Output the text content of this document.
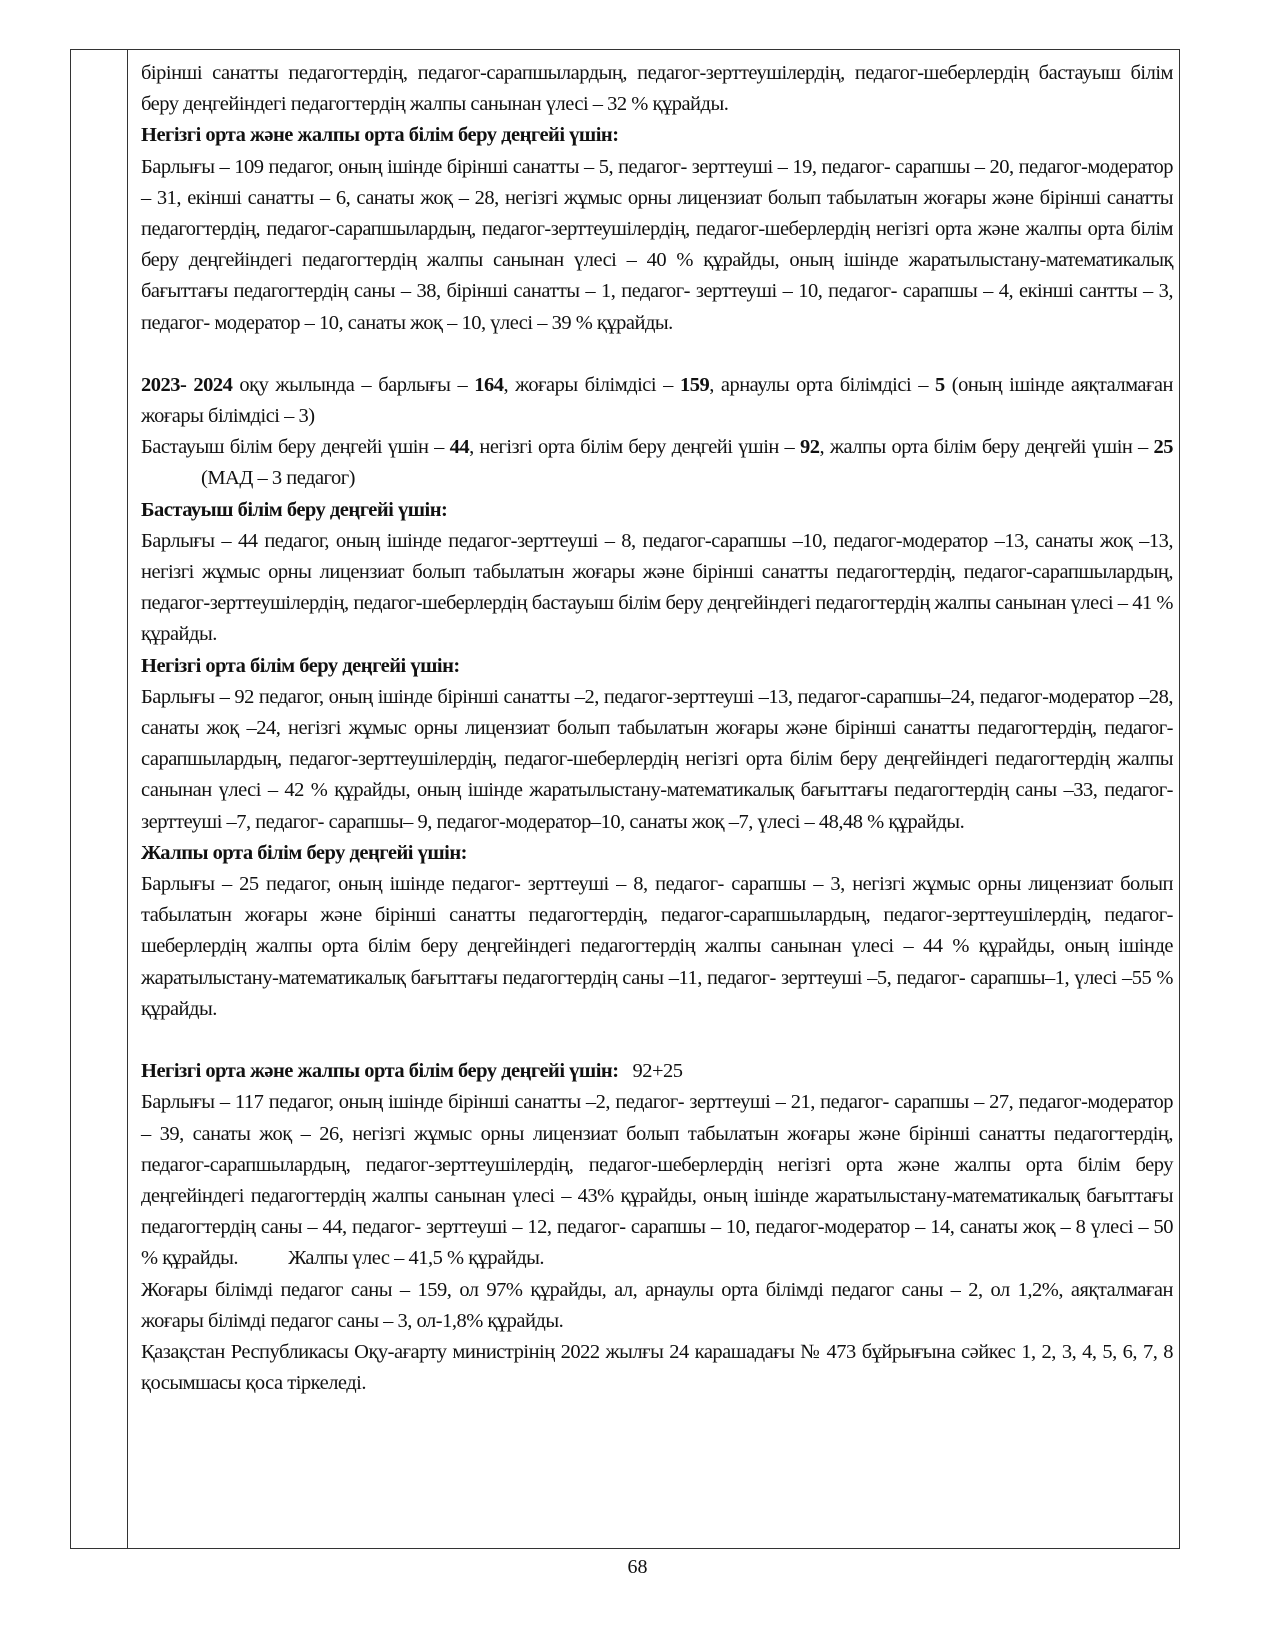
бірінші санатты педагогтердің, педагог-сарапшылардың, педагог-зерттеушілердің, педагог-шеберлердің бастауыш білім беру деңгейіндегі педагогтердің жалпы санынан үлесі – 32 % құрайды.

Негізгі орта және жалпы орта білім беру деңгейі үшін:

Барлығы – 109 педагог, оның ішінде бірінші санатты – 5, педагог- зерттеуші – 19, педагог- сарапшы – 20, педагог-модератор – 31, екінші санатты – 6, санаты жоқ – 28, негізгі жұмыс орны лицензиат болып табылатын жоғары және бірінші санатты педагогтердің, педагог-сарапшылардың, педагог-зерттеушілердің, педагог-шеберлердің негізгі орта және жалпы орта білім беру деңгейіндегі педагогтердің жалпы санынан үлесі – 40 % құрайды, оның ішінде жаратылыстану-математикалық бағыттағы педагогтердің саны – 38, бірінші санатты – 1, педагог- зерттеуші – 10, педагог- сарапшы – 4, екінші сантты – 3, педагог- модератор – 10, санаты жоқ – 10, үлесі – 39 % құрайды.

2023- 2024 оқу жылында – барлығы – 164, жоғары білімдісі – 159, арнаулы орта білімдісі – 5 (оның ішінде аяқталмаған жоғары білімдісі – 3)

Бастауыш білім беру деңгейі үшін – 44, негізгі орта білім беру деңгейі үшін – 92, жалпы орта білім беру деңгейі үшін – 25(МАД – 3 педагог)

Бастауыш білім беру деңгейі үшін:

Барлығы – 44 педагог, оның ішінде педагог-зерттеуші – 8, педагог-сарапшы –10, педагог-модератор –13, санаты жоқ –13, негізгі жұмыс орны лицензиат болып табылатын жоғары және бірінші санатты педагогтердің, педагог-сарапшылардың, педагог-зерттеушілердің, педагог-шеберлердің бастауыш білім беру деңгейіндегі педагогтердің жалпы санынан үлесі – 41 % құрайды.

Негізгі орта білім беру деңгейі үшін:

Барлығы – 92 педагог, оның ішінде бірінші санатты –2, педагог-зерттеуші –13, педагог-сарапшы–24, педагог-модератор –28, санаты жоқ –24, негізгі жұмыс орны лицензиат болып табылатын жоғары және бірінші санатты педагогтердің, педагог-сарапшылардың, педагог-зерттеушілердің, педагог-шеберлердің негізгі орта білім беру деңгейіндегі педагогтердің жалпы санынан үлесі – 42 % құрайды, оның ішінде жаратылыстану-математикалық бағыттағы педагогтердің саны –33, педагог-зерттеуші –7, педагог- сарапшы– 9, педагог-модератор–10, санаты жоқ –7, үлесі – 48,48 % құрайды.

Жалпы орта білім беру деңгейі үшін:

Барлығы – 25 педагог, оның ішінде педагог- зерттеуші – 8, педагог- сарапшы – 3, негізгі жұмыс орны лицензиат болып табылатын жоғары және бірінші санатты педагогтердің, педагог-сарапшылардың, педагог-зерттеушілердің, педагог-шеберлердің жалпы орта білім беру деңгейіндегі педагогтердің жалпы санынан үлесі – 44 % құрайды, оның ішінде жаратылыстану-математикалық бағыттағы педагогтердің саны –11, педагог- зерттеуші –5, педагог- сарапшы–1, үлесі –55 % құрайды.

Негізгі орта және жалпы орта білім беру деңгейі үшін: 92+25

Барлығы – 117 педагог, оның ішінде бірінші санатты –2, педагог- зерттеуші – 21, педагог- сарапшы – 27, педагог-модератор – 39, санаты жоқ – 26, негізгі жұмыс орны лицензиат болып табылатын жоғары және бірінші санатты педагогтердің, педагог-сарапшылардың, педагог-зерттеушілердің, педагог-шеберлердің негізгі орта және жалпы орта білім беру деңгейіндегі педагогтердің жалпы санынан үлесі – 43% құрайды, оның ішінде жаратылыстану-математикалық бағыттағы педагогтердің саны – 44, педагог- зерттеуші – 12, педагог- сарапшы – 10, педагог-модератор – 14, санаты жоқ – 8 үлесі – 50 % құрайды. Жалпы үлес – 41,5 % құрайды.

Жоғары білімді педагог саны – 159, ол 97% құрайды, ал, арнаулы орта білімді педагог саны – 2, ол 1,2%, аяқталмаған жоғары білімді педагог саны – 3, ол-1,8% құрайды.

Қазақстан Республикасы Оқу-ағарту министрінің 2022 жылғы 24 карашадағы № 473 бұйрығына сәйкес 1, 2, 3, 4, 5, 6, 7, 8 қосымшасы қоса тіркеледі.

68
